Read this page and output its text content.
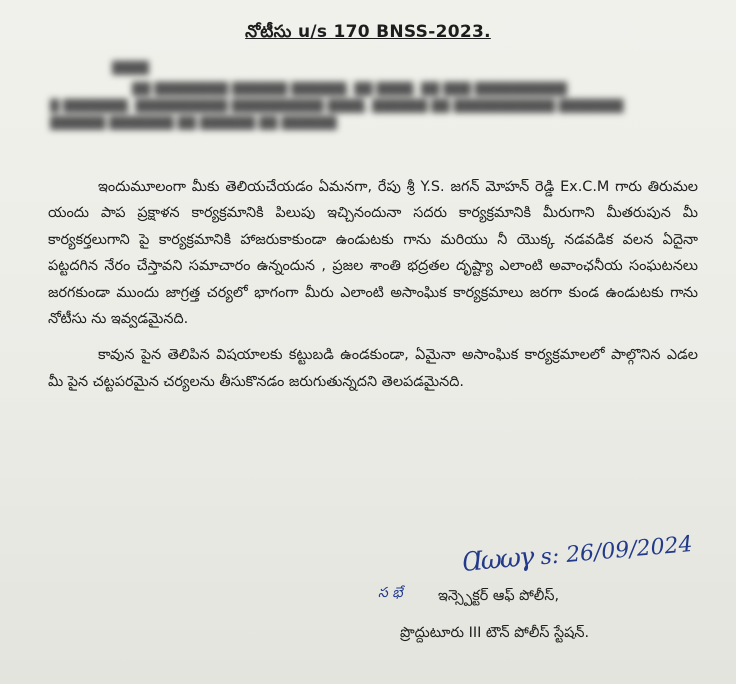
నోటీసు u/s 170 BNSS-2023.
████
██ ████████ ██████ ██████, ██ ████, ██ ███ ██████████
█ ███████, ██████████ ██████████ ████, ██████ ██ ███████████ ███████
██████ ███████ ██ ██████ ██ ██████

ఇందుమూలంగా మీకు తెలియచేయడం ఏమనగా, రేపు శ్రీ Y.S. జగన్ మోహన్ రెడ్డి Ex.C.M గారు తిరుమల యందు పాప ప్రక్షాళన కార్యక్రమానికి పిలుపు ఇచ్చినందునా సదరు కార్యక్రమానికి మీరుగాని మీతరుపున మీ కార్యకర్తలుగాని పై కార్యక్రమానికి హాజరుకాకుండా ఉండుటకు గాను మరియు నీ యొక్క నడవడిక వలన ఏదైనా పట్టదగిన నేరం చేస్తావని సమాచారం ఉన్నందున , ప్రజల శాంతి భద్రతల దృష్ట్యా ఎలాంటి అవాంఛనీయ సంఘటనలు జరగకుండా ముందు జాగ్రత్త చర్యలో భాగంగా మీరు ఎలాంటి అసాంఘిక కార్యక్రమాలు జరగా కుండ ఉండుటకు గాను నోటీసు ను ఇవ్వడమైనది.

కావున పైన తెలిపిన విషయాలకు కట్టుబడి ఉండకుండా, ఏమైనా అసాంఘిక కార్యక్రమాలలో పాల్గొనిన ఎడల మీ పైన చట్టపరమైన చర్యలను తీసుకొనడం జరుగుతున్నదని తెలపడమైనది.

Ɑωωγ s: 26/09/2024
స భే ఇన్స్పెక్టర్ ఆఫ్ పోలీస్,
ప్రొద్దుటూరు III టౌన్ పోలీస్ స్టేషన్.
